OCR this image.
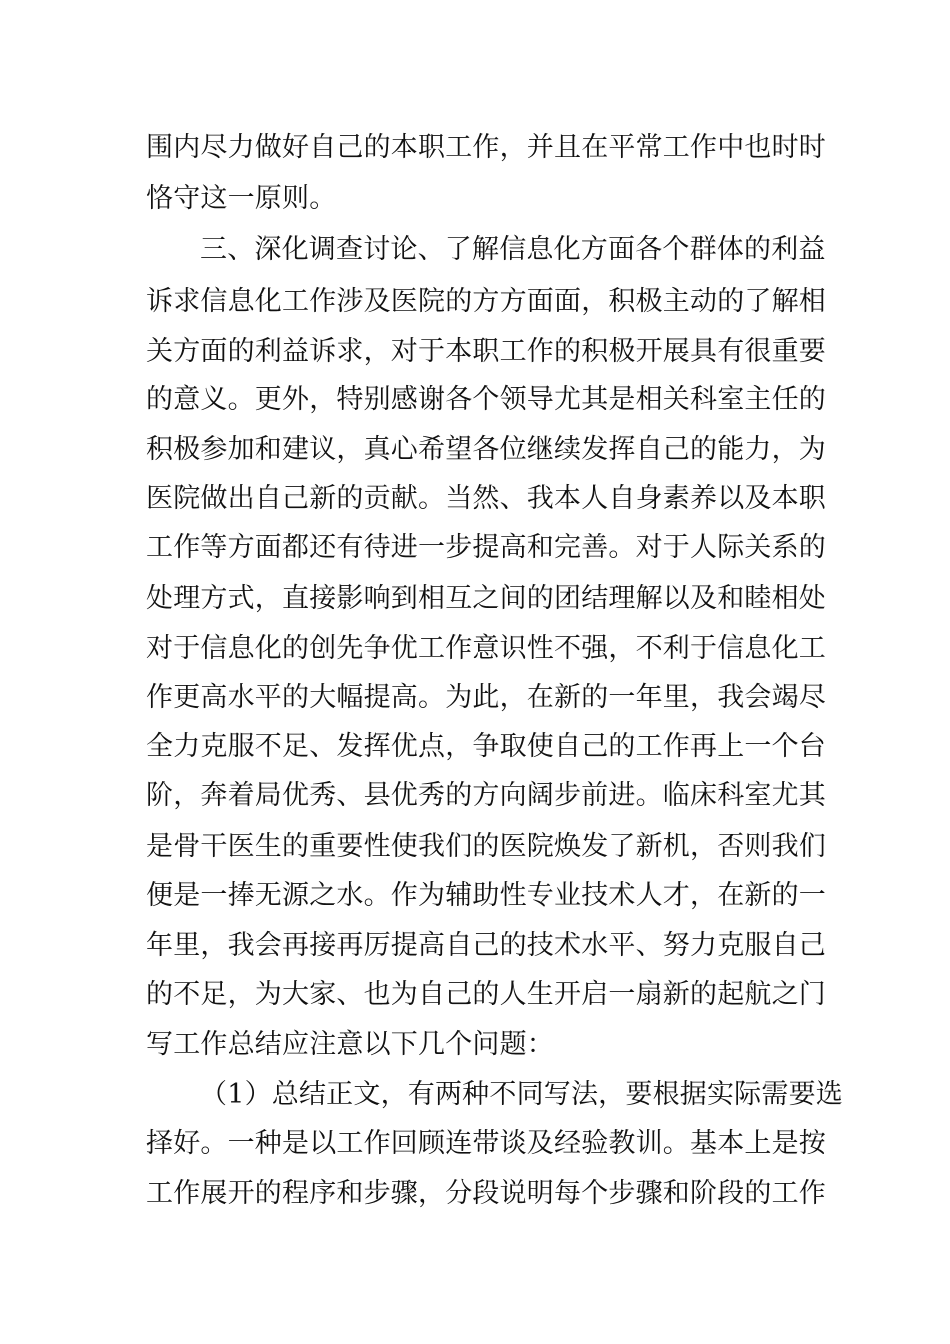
围内尽力做好自己的本职工作，并且在平常工作中也时时
恪守这一原则。
三、深化调查讨论、了解信息化方面各个群体的利益
诉求信息化工作涉及医院的方方面面，积极主动的了解相
关方面的利益诉求，对于本职工作的积极开展具有很重要
的意义。更外，特别感谢各个领导尤其是相关科室主任的
积极参加和建议，真心希望各位继续发挥自己的能力，为
医院做出自己新的贡献。当然、我本人自身素养以及本职
工作等方面都还有待进一步提高和完善。对于人际关系的
处理方式，直接影响到相互之间的团结理解以及和睦相处
对于信息化的创先争优工作意识性不强，不利于信息化工
作更高水平的大幅提高。为此，在新的一年里，我会竭尽
全力克服不足、发挥优点，争取使自己的工作再上一个台
阶，奔着局优秀、县优秀的方向阔步前进。临床科室尤其
是骨干医生的重要性使我们的医院焕发了新机，否则我们
便是一捧无源之水。作为辅助性专业技术人才，在新的一
年里，我会再接再厉提高自己的技术水平、努力克服自己
的不足，为大家、也为自己的人生开启一扇新的起航之门
写工作总结应注意以下几个问题：
（1）总结正文，有两种不同写法，要根据实际需要选
择好。一种是以工作回顾连带谈及经验教训。基本上是按
工作展开的程序和步骤，分段说明每个步骤和阶段的工作
